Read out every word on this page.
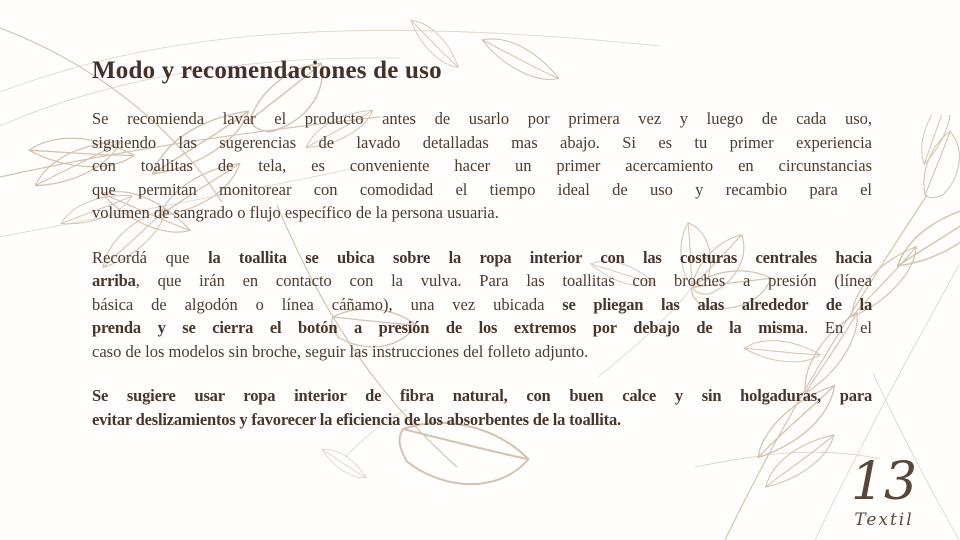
Modo y recomendaciones de uso
Se recomienda lavar el producto antes de usarlo por primera vez y luego de cada uso,
siguiendo las sugerencias de lavado detalladas mas abajo. Si es tu primer experiencia
con toallitas de tela, es conveniente hacer un primer acercamiento en circunstancias
que permitan monitorear con comodidad el tiempo ideal de uso y recambio para el
volumen de sangrado o flujo específico de la persona usuaria.
Recordá que la toallita se ubica sobre la ropa interior con las costuras centrales hacia
arriba, que irán en contacto con la vulva. Para las toallitas con broches a presión (línea
básica de algodón o línea cáñamo), una vez ubicada se pliegan las alas alrededor de la
prenda y se cierra el botón a presión de los extremos por debajo de la misma. En el
caso de los modelos sin broche, seguir las instrucciones del folleto adjunto.
Se sugiere usar ropa interior de fibra natural, con buen calce y sin holgaduras, para
evitar deslizamientos y favorecer la eficiencia de los absorbentes de la toallita.
13
Textil
